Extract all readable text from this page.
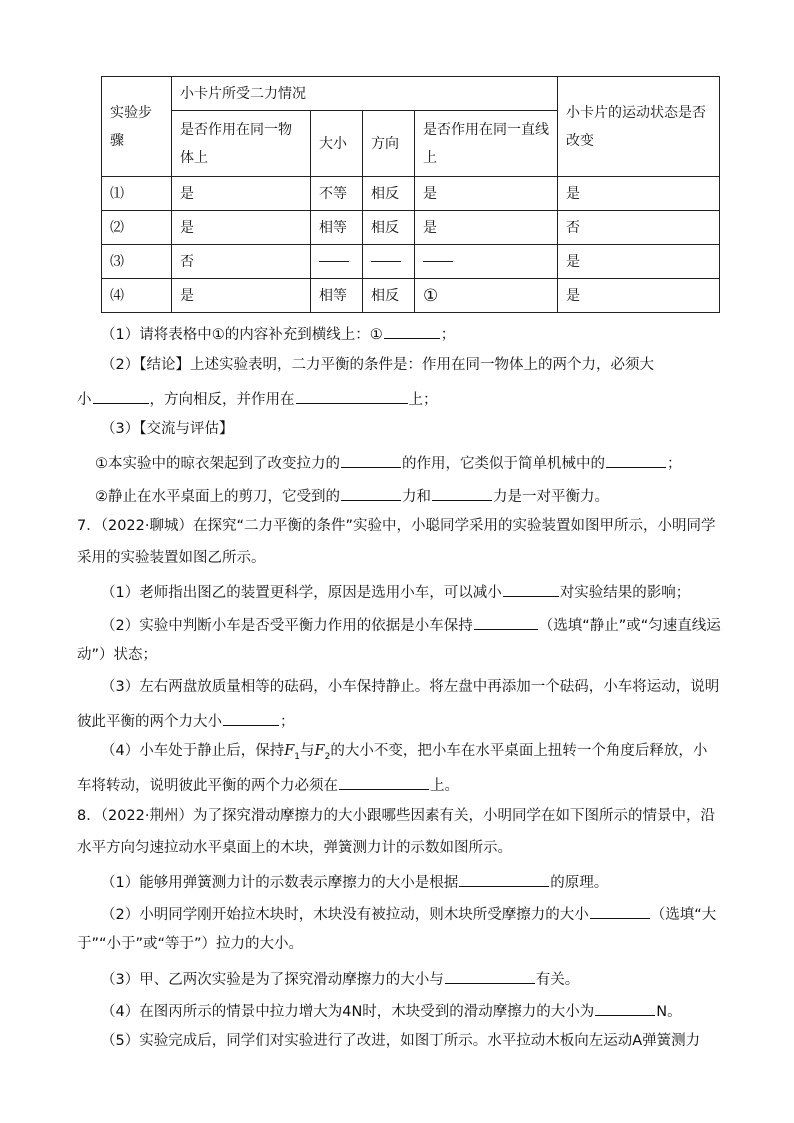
实验步骤	小卡片所受二力情况				小卡片的运动状态是否改变
	是否作用在同一物体上	大小	方向	是否作用在同一直线上	
⑴	是	不等	相反	是	是
⑵	是	相等	相反	是	否
⑶	否				是
⑷	是	相等	相反	①	是
（1）请将表格中①的内容补充到横线上：①	；
（2）【结论】上述实验表明，二力平衡的条件是：作用在同一物体上的两个力，必须大
小	，方向相反，并作用在	上；
（3）【交流与评估】
①本实验中的晾衣架起到了改变拉力的	的作用，它类似于简单机械中的	；
②静止在水平桌面上的剪刀，它受到的	力和	力是一对平衡力。
7．（2022·聊城）在探究“二力平衡的条件”实验中，小聪同学采用的实验装置如图甲所示，小明同学
采用的实验装置如图乙所示。
（1）老师指出图乙的装置更科学，原因是选用小车，可以减小	对实验结果的影响；
（2）实验中判断小车是否受平衡力作用的依据是小车保持	（选填“静止”或“匀速直线运
动”）状态；
（3）左右两盘放质量相等的砝码，小车保持静止。将左盘中再添加一个砝码，小车将运动，说明
彼此平衡的两个力大小	；
（4）小车处于静止后，保持$F_1$与$F_2$的大小不变，把小车在水平桌面上扭转一个角度后释放，小
车将转动，说明彼此平衡的两个力必须在	上。
8．（2022·荆州）为了探究滑动摩擦力的大小跟哪些因素有关，小明同学在如下图所示的情景中，沿
水平方向匀速拉动水平桌面上的木块，弹簧测力计的示数如图所示。
（1）能够用弹簧测力计的示数表示摩擦力的大小是根据	的原理。
（2）小明同学刚开始拉木块时，木块没有被拉动，则木块所受摩擦力的大小	（选填“大
于”“小于”或“等于”）拉力的大小。
（3）甲、乙两次实验是为了探究滑动摩擦力的大小与	有关。
（4）在图丙所示的情景中拉力增大为4N时，木块受到的滑动摩擦力的大小为	N。
（5）实验完成后，同学们对实验进行了改进，如图丁所示。水平拉动木板向左运动A弹簧测力
